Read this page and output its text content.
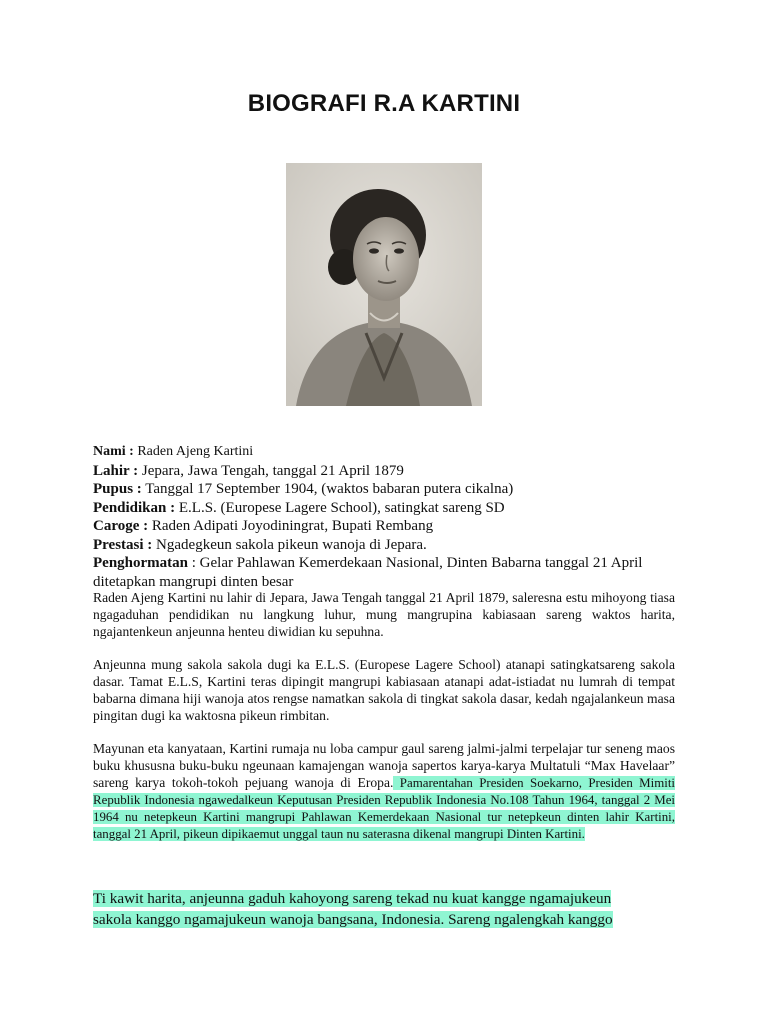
BIOGRAFI R.A KARTINI
Nami : Raden Ajeng Kartini
Lahir : Jepara, Jawa Tengah, tanggal 21 April 1879
Pupus : Tanggal 17 September 1904, (waktos babaran putera cikalna)
Pendidikan : E.L.S. (Europese Lagere School), satingkat sareng SD
Caroge : Raden Adipati Joyodiningrat, Bupati Rembang
Prestasi : Ngadegkeun sakola pikeun wanoja di Jepara.
Penghormatan : Gelar Pahlawan Kemerdekaan Nasional, Dinten Babarna tanggal 21 April ditetapkan mangrupi dinten besar
Raden Ajeng Kartini nu lahir di Jepara, Jawa Tengah tanggal 21 April 1879, saleresna estu mihoyong tiasa ngagaduhan pendidikan nu langkung luhur, mung mangrupina kabiasaan sareng waktos harita, ngajantenkeun anjeunna henteu diwidian ku sepuhna.
Anjeunna mung sakola sakola dugi ka E.L.S. (Europese Lagere School) atanapi satingkatsareng sakola dasar. Tamat E.L.S, Kartini teras dipingit mangrupi kabiasaan atanapi adat-istiadat nu lumrah di tempat babarna dimana hiji wanoja atos rengse namatkan sakola di tingkat sakola dasar, kedah ngajalankeun masa pingitan dugi ka waktosna pikeun rimbitan.
Mayunan eta kanyataan, Kartini rumaja nu loba campur gaul sareng jalmi-jalmi terpelajar tur seneng maos buku khususna buku-buku ngeunaan kamajengan wanoja sapertos karya-karya Multatuli “Max Havelaar” sareng karya tokoh-tokoh pejuang wanoja di Eropa. Pamarentahan Presiden Soekarno, Presiden Mimiti Republik Indonesia ngawedalkeun Keputusan Presiden Republik Indonesia No.108 Tahun 1964, tanggal 2 Mei 1964 nu netepkeun Kartini mangrupi Pahlawan Kemerdekaan Nasional tur netepkeun dinten lahir Kartini, tanggal 21 April, pikeun dipikaemut unggal taun nu saterasna dikenal mangrupi Dinten Kartini.
Ti kawit harita, anjeunna gaduh kahoyong sareng tekad nu kuat kangge ngamajukeun
sakola kanggo ngamajukeun wanoja bangsana, Indonesia. Sareng ngalengkah kanggo
